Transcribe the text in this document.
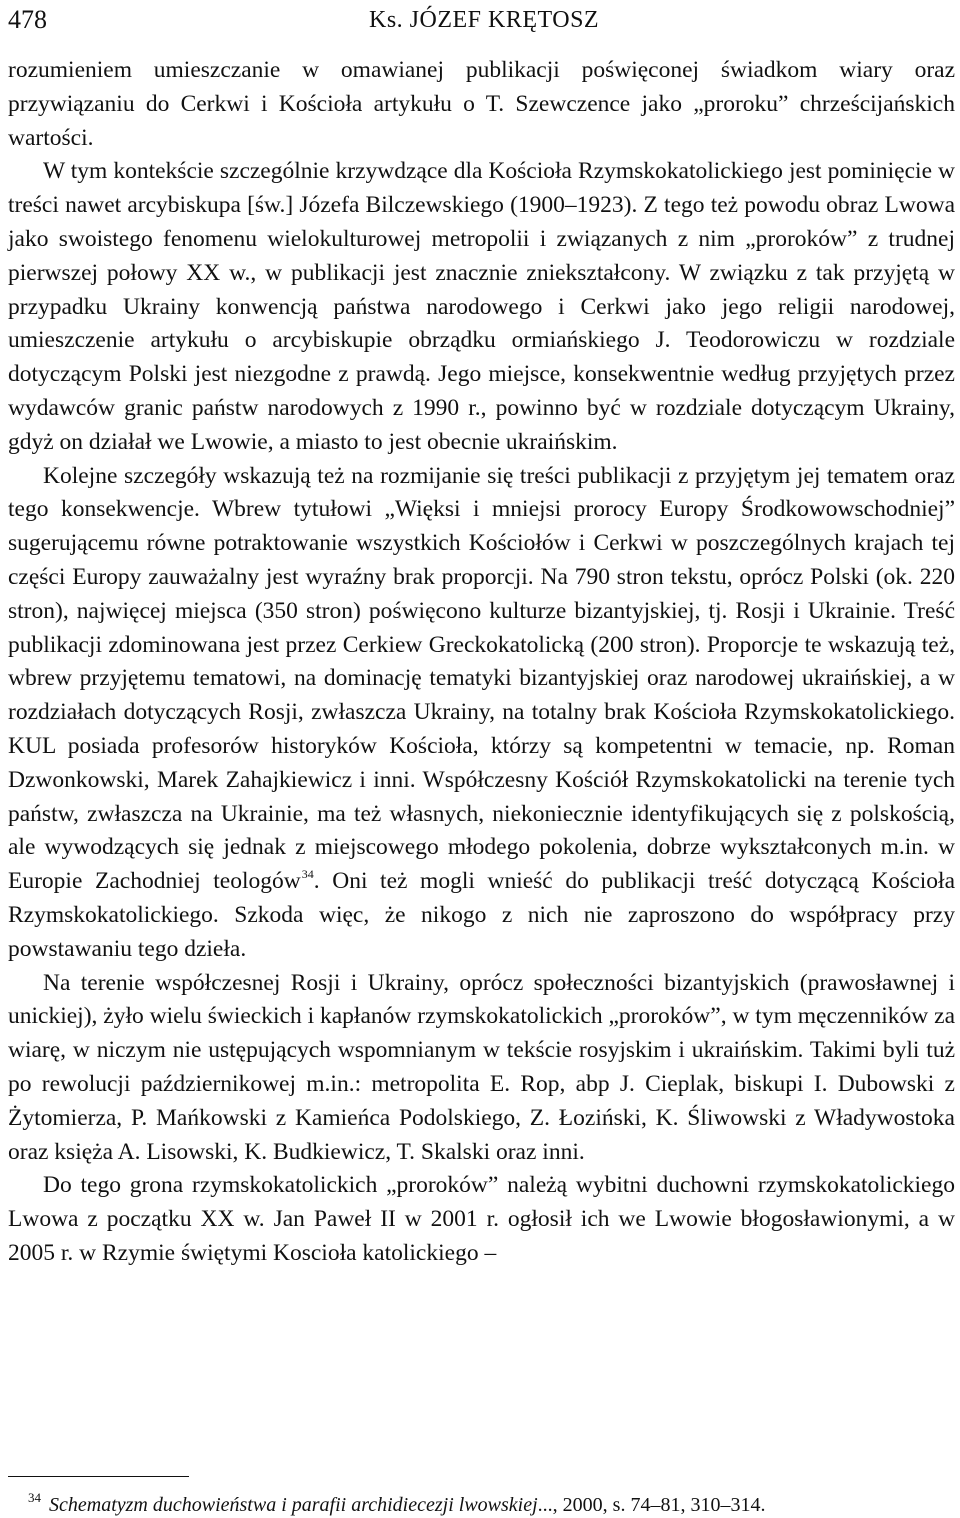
478	Ks. JÓZEF KRĘTOSZ

rozumieniem umieszczanie w omawianej publikacji poświęconej świadkom wiary oraz przywiązaniu do Cerkwi i Kościoła artykułu o T. Szewczence jako „proroku” chrześcijańskich wartości.

W tym kontekście szczególnie krzywdzące dla Kościoła Rzymskokatolickiego jest pominięcie w treści nawet arcybiskupa [św.] Józefa Bilczewskiego (1900–1923). Z tego też powodu obraz Lwowa jako swoistego fenomenu wielokulturowej metropolii i związanych z nim „proroków” z trudnej pierwszej połowy XX w., w publikacji jest znacznie zniekształcony. W związku z tak przyjętą w przypadku Ukrainy konwencją państwa narodowego i Cerkwi jako jego religii narodowej, umieszczenie artykułu o arcybiskupie obrządku ormiańskiego J. Teodorowiczu w rozdziale dotyczącym Polski jest niezgodne z prawdą. Jego miejsce, konsekwentnie według przyjętych przez wydawców granic państw narodowych z 1990 r., powinno być w rozdziale dotyczącym Ukrainy, gdyż on działał we Lwowie, a miasto to jest obecnie ukraińskim.

Kolejne szczegóły wskazują też na rozmijanie się treści publikacji z przyjętym jej tematem oraz tego konsekwencje. Wbrew tytułowi „Więksi i mniejsi prorocy Europy Środkowowschodniej” sugerującemu równe potraktowanie wszystkich Kościołów i Cerkwi w poszczególnych krajach tej części Europy zauważalny jest wyraźny brak proporcji. Na 790 stron tekstu, oprócz Polski (ok. 220 stron), najwięcej miejsca (350 stron) poświęcono kulturze bizantyjskiej, tj. Rosji i Ukrainie. Treść publikacji zdominowana jest przez Cerkiew Greckokatolicką (200 stron). Proporcje te wskazują też, wbrew przyjętemu tematowi, na dominację tematyki bizantyjskiej oraz narodowej ukraińskiej, a w rozdziałach dotyczących Rosji, zwłaszcza Ukrainy, na totalny brak Kościoła Rzymskokatolickiego. KUL posiada profesorów historyków Kościoła, którzy są kompetentni w temacie, np. Roman Dzwonkowski, Marek Zahajkiewicz i inni. Współczesny Kościół Rzymskokatolicki na terenie tych państw, zwłaszcza na Ukrainie, ma też własnych, niekoniecznie identyfikujących się z polskością, ale wywodzących się jednak z miejscowego młodego pokolenia, dobrze wykształconych m.in. w Europie Zachodniej teologów$^{34}$. Oni też mogli wnieść do publikacji treść dotyczącą Kościoła Rzymskokatolickiego. Szkoda więc, że nikogo z nich nie zaproszono do współpracy przy powstawaniu tego dzieła.

Na terenie współczesnej Rosji i Ukrainy, oprócz społeczności bizantyjskich (prawosławnej i unickiej), żyło wielu świeckich i kapłanów rzymskokatolickich „proroków”, w tym męczenników za wiarę, w niczym nie ustępujących wspomnianym w tekście rosyjskim i ukraińskim. Takimi byli tuż po rewolucji październikowej m.in.: metropolita E. Rop, abp J. Cieplak, biskupi I. Dubowski z Żytomierza, P. Mańkowski z Kamieńca Podolskiego, Z. Łoziński, K. Śliwowski z Władywostoka oraz księża A. Lisowski, K. Budkiewicz, T. Skalski oraz inni.

Do tego grona rzymskokatolickich „proroków” należą wybitni duchowni rzymskokatolickiego Lwowa z początku XX w. Jan Paweł II w 2001 r. ogłosił ich we Lwowie błogosławionymi, a w 2005 r. w Rzymie świętymi Koscioła katolickiego –

$^{34}$ Schematyzm duchowieństwa i parafii archidiecezji lwowskiej..., 2000, s. 74–81, 310–314.
